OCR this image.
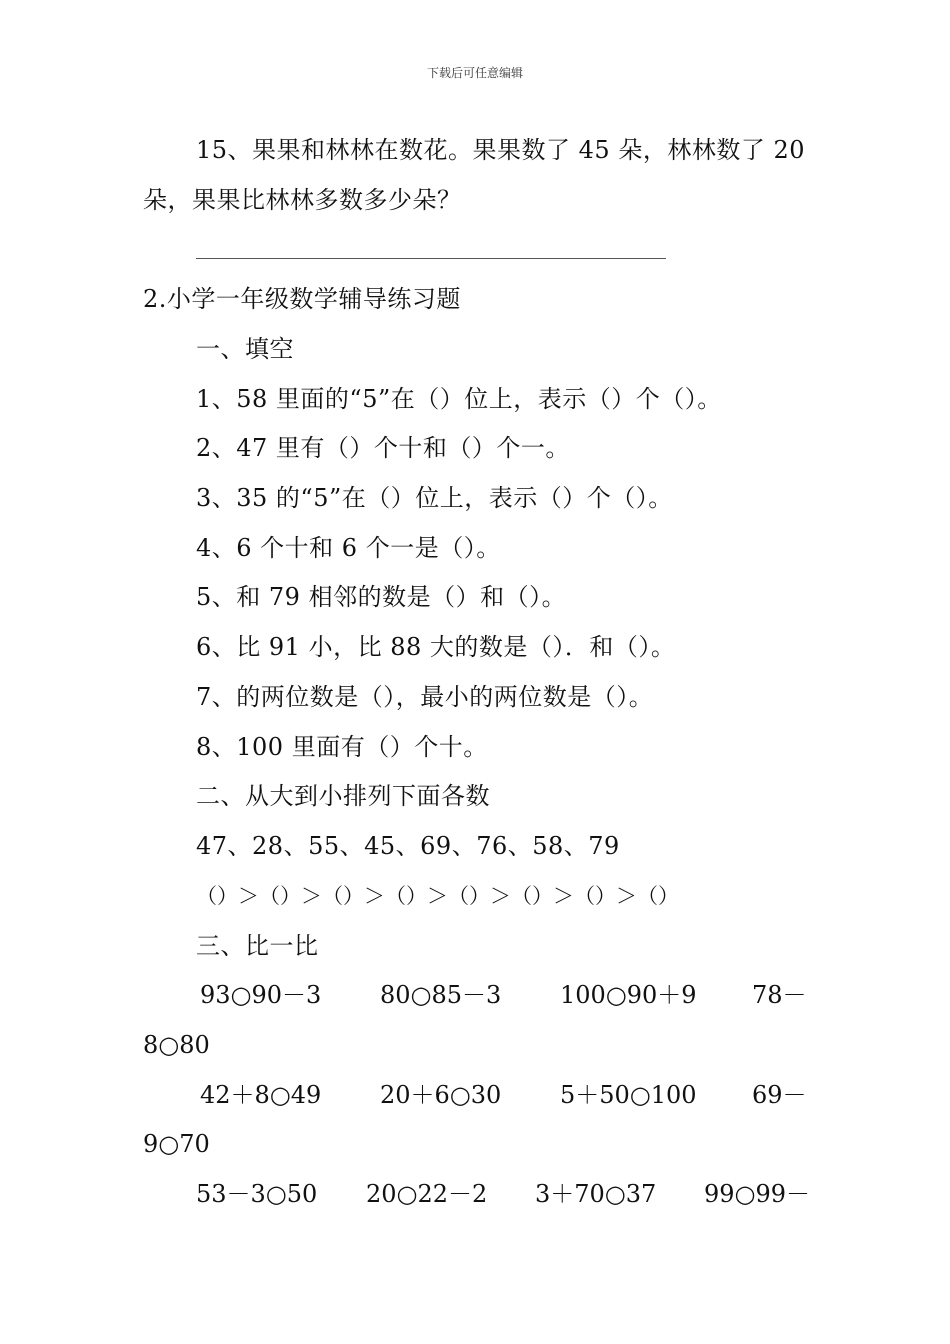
下载后可任意编辑
15、果果和林林在数花。果果数了 45 朵，林林数了 20
朵，果果比林林多数多少朵？
2.小学一年级数学辅导练习题
一、填空
1、58 里面的“5”在（）位上，表示（）个（）。
2、47 里有（）个十和（）个一。
3、35 的“5”在（）位上，表示（）个（）。
4、6 个十和 6 个一是（）。
5、和 79 相邻的数是（）和（）。
6、比 91 小，比 88 大的数是（）．和（）。
7、的两位数是（），最小的两位数是（）。
8、100 里面有（）个十。
二、从大到小排列下面各数
47、28、55、45、69、76、58、79
（）＞（）＞（）＞（）＞（）＞（）＞（）＞（）
三、比一比
93○90－3 80○85－3 100○90＋9 78－
8○80
42＋8○49 20＋6○30 5＋50○100 69－
9○70
53－3○50 20○22－2 3＋70○37 99○99－
